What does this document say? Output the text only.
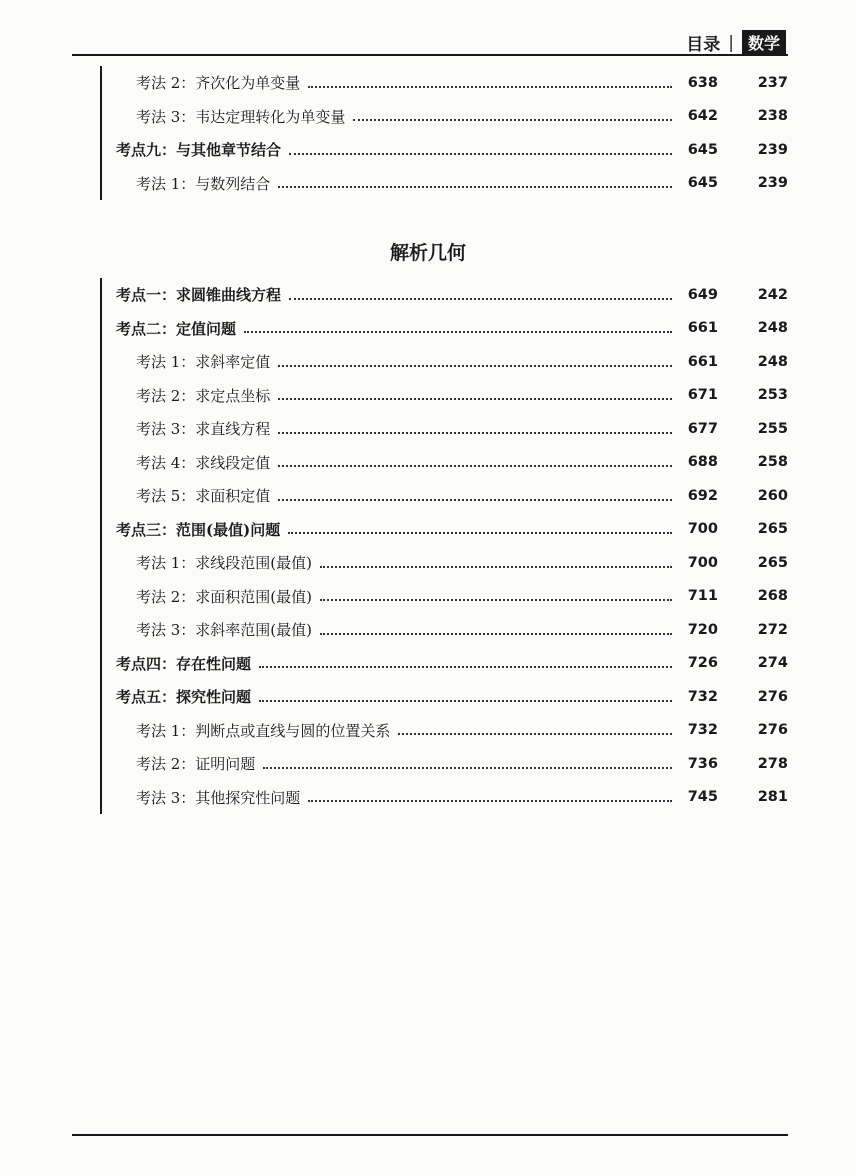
目录 | 数学
考法 2：齐次化为单变量	638	237
考法 3：韦达定理转化为单变量	642	238
考点九：与其他章节结合	645	239
考法 1：与数列结合	645	239
解析几何
考点一：求圆锥曲线方程	649	242
考点二：定值问题	661	248
考法 1：求斜率定值	661	248
考法 2：求定点坐标	671	253
考法 3：求直线方程	677	255
考法 4：求线段定值	688	258
考法 5：求面积定值	692	260
考点三：范围(最值)问题	700	265
考法 1：求线段范围(最值)	700	265
考法 2：求面积范围(最值)	711	268
考法 3：求斜率范围(最值)	720	272
考点四：存在性问题	726	274
考点五：探究性问题	732	276
考法 1：判断点或直线与圆的位置关系	732	276
考法 2：证明问题	736	278
考法 3：其他探究性问题	745	281
